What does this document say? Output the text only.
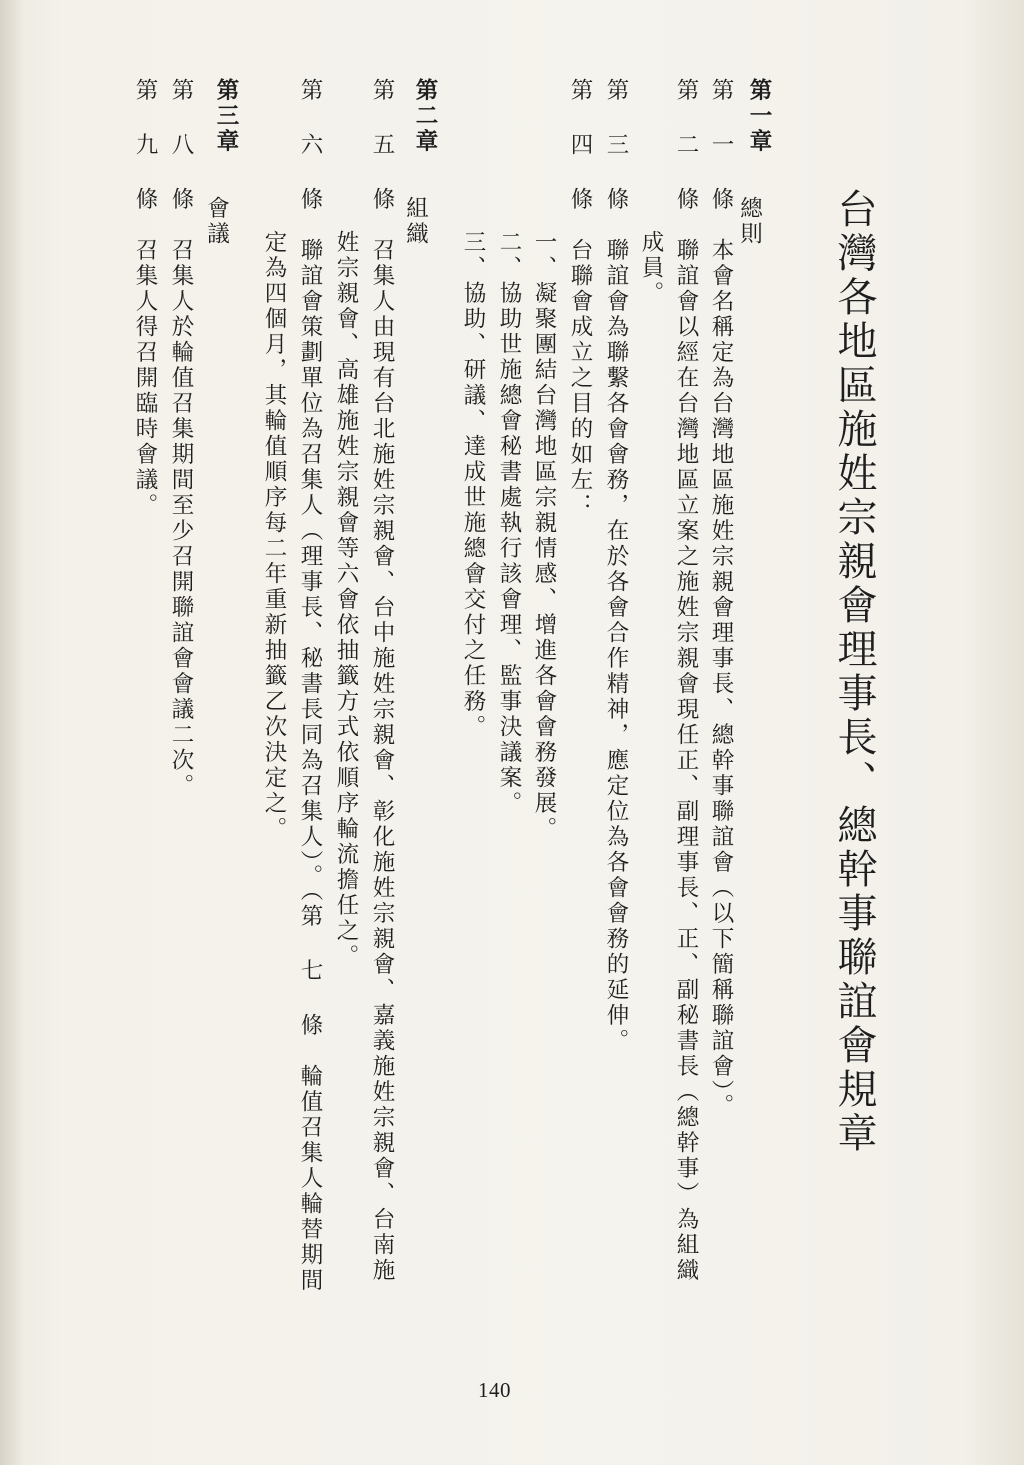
台灣各地區施姓宗親會理事長、總幹事聯誼會規章
第一章
總則
第 一 條　本會名稱定為台灣地區施姓宗親會理事長、總幹事聯誼會（以下簡稱聯誼會）。
第 二 條　聯誼會以經在台灣地區立案之施姓宗親會現任正、副理事長、正、副秘書長（總幹事）為組織
成員。
第 三 條　聯誼會為聯繫各會會務，在於各會合作精神，應定位為各會會務的延伸。
第 四 條　台聯會成立之目的如左：
一、凝聚團結台灣地區宗親情感、增進各會會務發展。
二、協助世施總會秘書處執行該會理、監事決議案。
三、協助、研議、達成世施總會交付之任務。
第二章
組織
第 五 條　召集人由現有台北施姓宗親會、台中施姓宗親會、彰化施姓宗親會、嘉義施姓宗親會、台南施
姓宗親會、高雄施姓宗親會等六會依抽籤方式依順序輪流擔任之。
第 六 條　聯誼會策劃單位為召集人（理事長、秘書長同為召集人）。（第 七 條　輪值召集人輪替期間
定為四個月，其輪值順序每二年重新抽籤乙次決定之。
第三章
會議
第 八 條　召集人於輪值召集期間至少召開聯誼會會議二次。
第 九 條　召集人得召開臨時會議。
140
